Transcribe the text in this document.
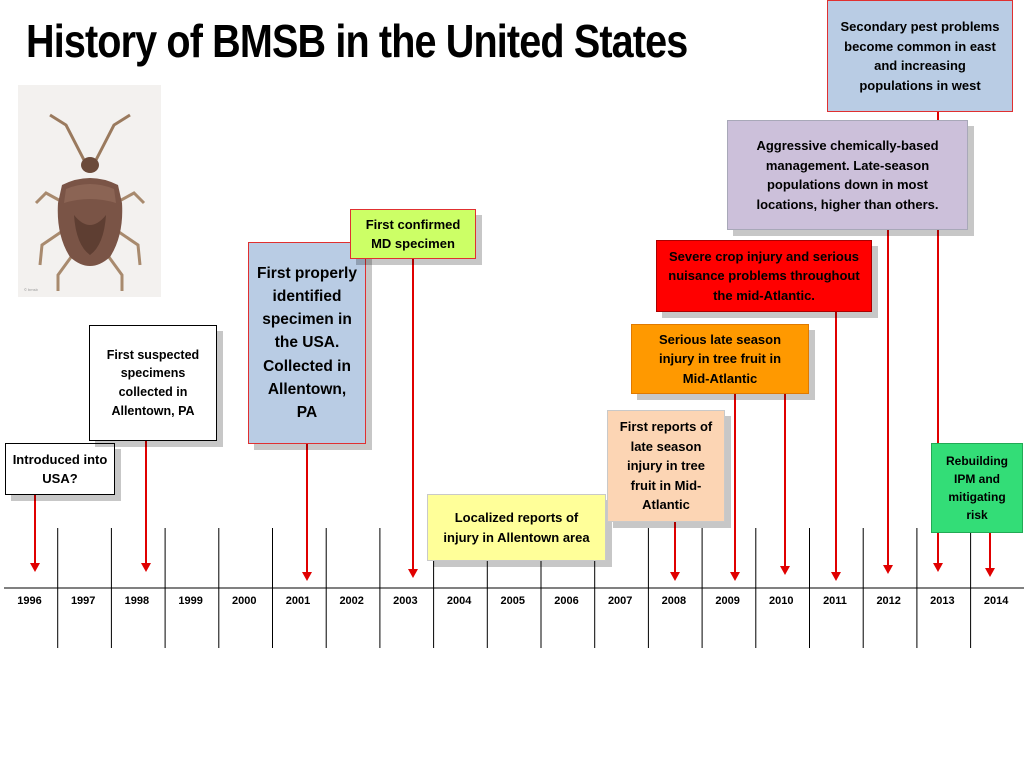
History of BMSB in the United States
© bmsb
1996	1997	1998	1999	2000	2001	2002	2003	2004	2005	2006	2007	2008	2009	2010	2011	2012	2013	2014
Introduced into USA?
First suspected specimens collected in Allentown, PA
First properly identified specimen in the USA. Collected in Allentown, PA
First confirmed MD specimen
Localized reports of injury in Allentown area
First reports of late season injury in tree fruit in Mid-Atlantic
Serious late season injury in tree fruit in Mid-Atlantic
Severe crop injury and serious nuisance problems throughout the mid-Atlantic.
Aggressive chemically-based management. Late-season populations down in most locations, higher than others.
Secondary pest problems become common in east and increasing populations in west
Rebuilding IPM and mitigating risk
